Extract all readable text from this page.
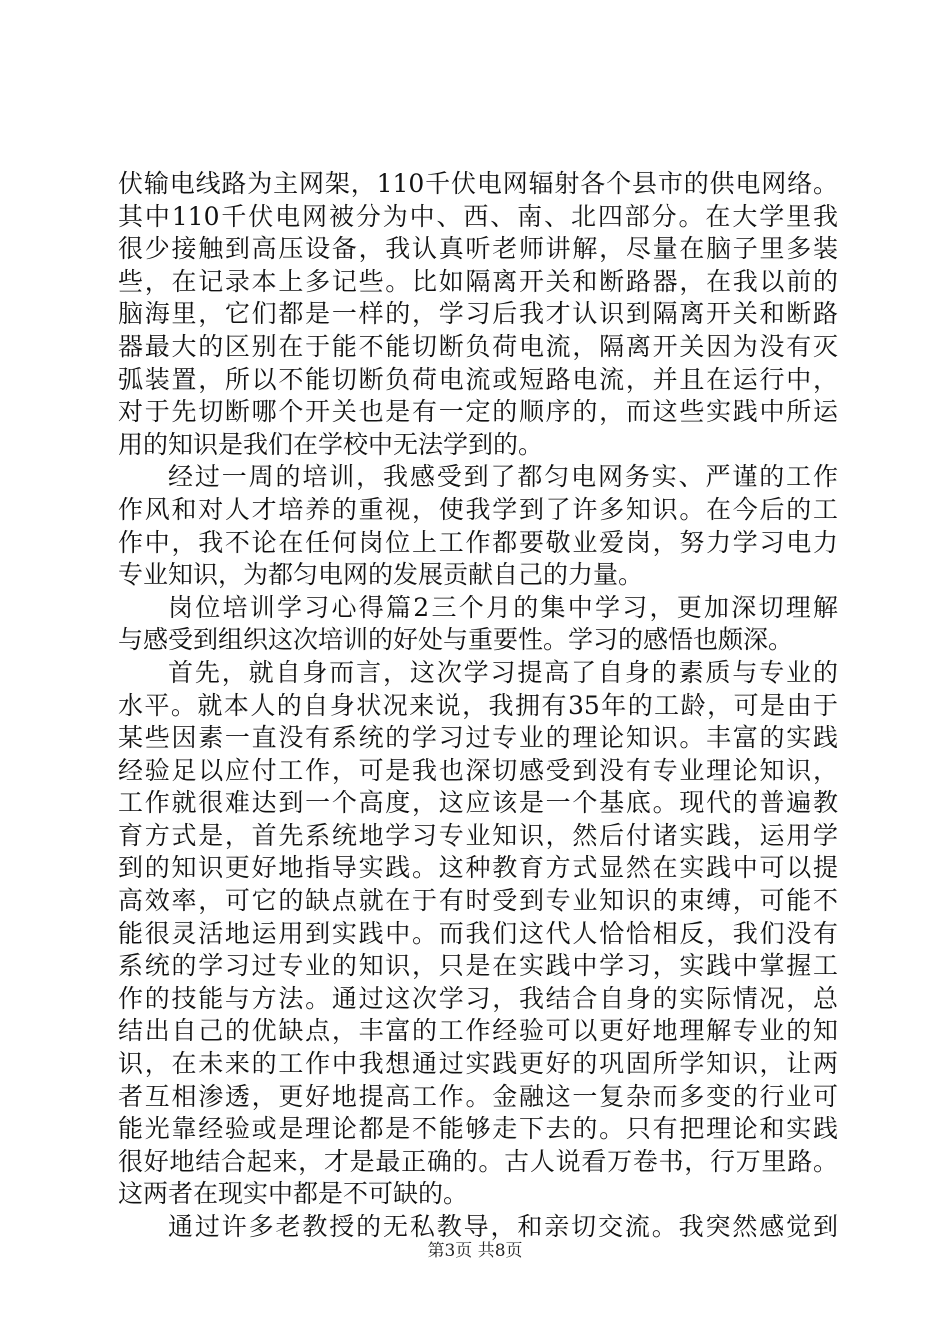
伏输电线路为主网架，110千伏电网辐射各个县市的供电网络。
其中110千伏电网被分为中、西、南、北四部分。在大学里我
很少接触到高压设备，我认真听老师讲解，尽量在脑子里多装
些，在记录本上多记些。比如隔离开关和断路器，在我以前的
脑海里，它们都是一样的，学习后我才认识到隔离开关和断路
器最大的区别在于能不能切断负荷电流，隔离开关因为没有灭
弧装置，所以不能切断负荷电流或短路电流，并且在运行中，
对于先切断哪个开关也是有一定的顺序的，而这些实践中所运
用的知识是我们在学校中无法学到的。
经过一周的培训，我感受到了都匀电网务实、严谨的工作
作风和对人才培养的重视，使我学到了许多知识。在今后的工
作中，我不论在任何岗位上工作都要敬业爱岗，努力学习电力
专业知识，为都匀电网的发展贡献自己的力量。
岗位培训学习心得篇2三个月的集中学习，更加深切理解
与感受到组织这次培训的好处与重要性。学习的感悟也颇深。
首先，就自身而言，这次学习提高了自身的素质与专业的
水平。就本人的自身状况来说，我拥有35年的工龄，可是由于
某些因素一直没有系统的学习过专业的理论知识。丰富的实践
经验足以应付工作，可是我也深切感受到没有专业理论知识，
工作就很难达到一个高度，这应该是一个基底。现代的普遍教
育方式是，首先系统地学习专业知识，然后付诸实践，运用学
到的知识更好地指导实践。这种教育方式显然在实践中可以提
高效率，可它的缺点就在于有时受到专业知识的束缚，可能不
能很灵活地运用到实践中。而我们这代人恰恰相反，我们没有
系统的学习过专业的知识，只是在实践中学习，实践中掌握工
作的技能与方法。通过这次学习，我结合自身的实际情况，总
结出自己的优缺点，丰富的工作经验可以更好地理解专业的知
识，在未来的工作中我想通过实践更好的巩固所学知识，让两
者互相渗透，更好地提高工作。金融这一复杂而多变的行业可
能光靠经验或是理论都是不能够走下去的。只有把理论和实践
很好地结合起来，才是最正确的。古人说看万卷书，行万里路。
这两者在现实中都是不可缺的。
通过许多老教授的无私教导，和亲切交流。我突然感觉到
第3页 共8页
